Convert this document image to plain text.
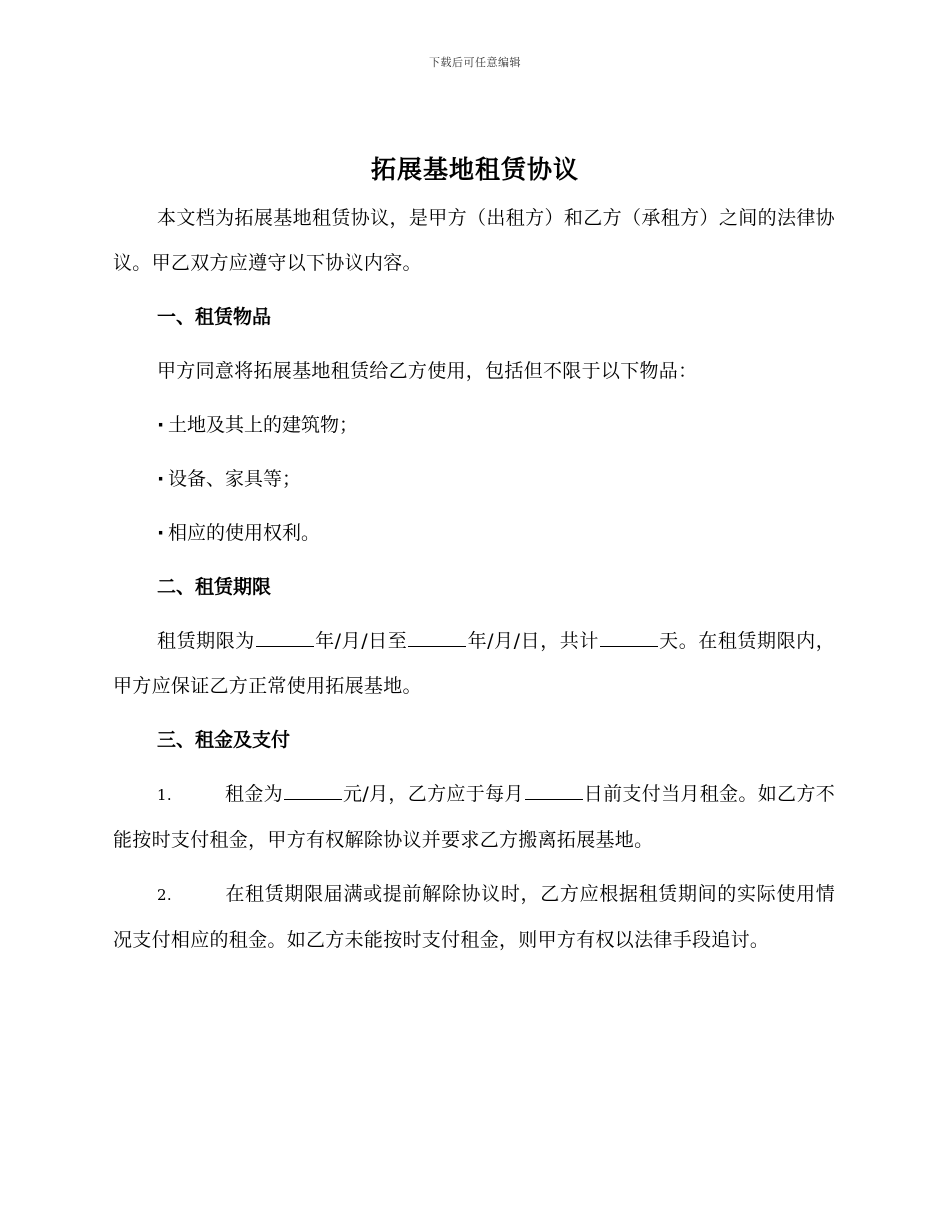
下载后可任意编辑
拓展基地租赁协议

本文档为拓展基地租赁协议，是甲方（出租方）和乙方（承租方）之间的法律协议。甲乙双方应遵守以下协议内容。

一、租赁物品

甲方同意将拓展基地租赁给乙方使用，包括但不限于以下物品：

· 土地及其上的建筑物；

· 设备、家具等；

· 相应的使用权利。

二、租赁期限

租赁期限为	年/月/日至	年/月/日，共计	天。在租赁期限内，甲方应保证乙方正常使用拓展基地。

三、租金及支付

1.	租金为	元/月，乙方应于每月	日前支付当月租金。如乙方不能按时支付租金，甲方有权解除协议并要求乙方搬离拓展基地。

2.	在租赁期限届满或提前解除协议时，乙方应根据租赁期间的实际使用情况支付相应的租金。如乙方未能按时支付租金，则甲方有权以法律手段追讨。
